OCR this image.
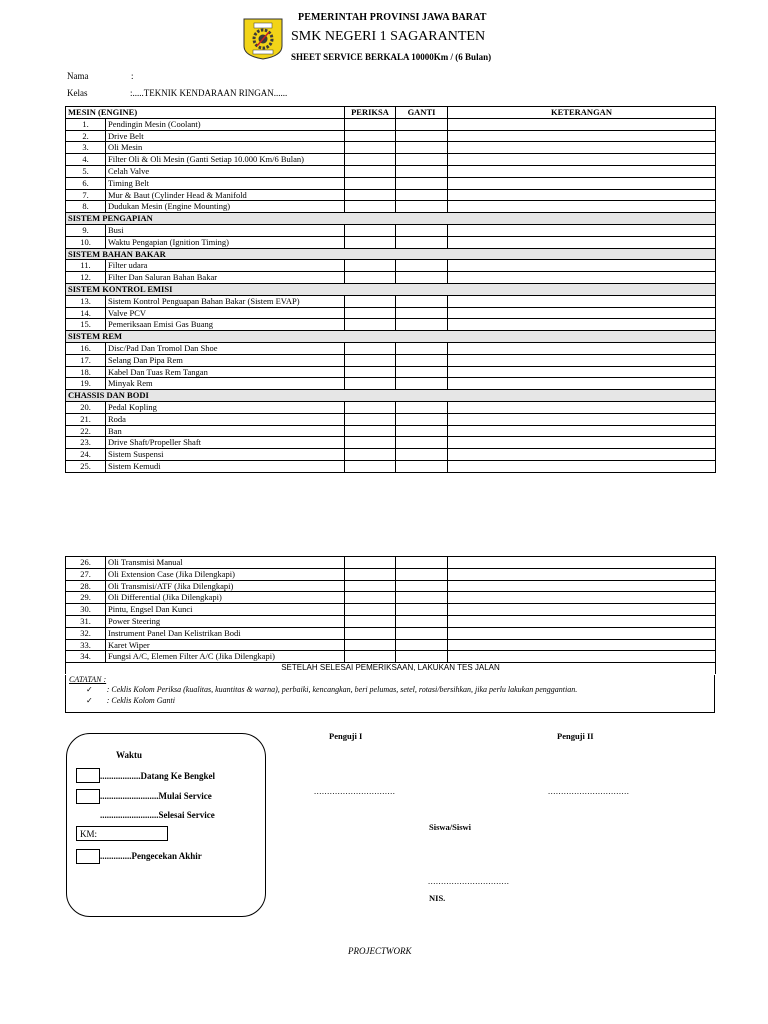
PEMERINTAH PROVINSI JAWA BARAT
SMK NEGERI 1 SAGARANTEN
SHEET SERVICE BERKALA 10000Km / (6 Bulan)
Nama	:
Kelas	:.....TEKNIK KENDARAAN RINGAN......
MESIN (ENGINE)		PERIKSA	GANTI	KETERANGAN
1.	Pendingin Mesin (Coolant)			
2.	Drive Belt			
3.	Oli Mesin			
4.	Filter Oli & Oli Mesin (Ganti Setiap 10.000 Km/6 Bulan)			
5.	Celah Valve			
6.	Timing Belt			
7.	Mur & Baut (Cylinder Head & Manifold			
8.	Dudukan Mesin (Engine Mounting)			
SISTEM PENGAPIAN				
9.	Busi			
10.	Waktu Pengapian (Ignition Timing)			
SISTEM BAHAN BAKAR				
11.	Filter udara			
12.	Filter Dan Saluran Bahan Bakar			
SISTEM KONTROL EMISI				
13.	Sistem Kontrol Penguapan Bahan Bakar (Sistem EVAP)			
14.	Valve PCV			
15.	Pemeriksaan Emisi Gas Buang			
SISTEM REM				
16.	Disc/Pad Dan Tromol Dan Shoe			
17.	Selang Dan Pipa Rem			
18.	Kabel Dan Tuas Rem Tangan			
19.	Minyak Rem			
CHASSIS DAN BODI				
20.	Pedal Kopling			
21.	Roda			
22.	Ban			
23.	Drive Shaft/Propeller Shaft			
24.	Sistem Suspensi			
25.	Sistem Kemudi			
26.	Oli Transmisi Manual			
27.	Oli Extension Case (Jika Dilengkapi)			
28.	Oli Transmisi/ATF (Jika Dilengkapi)			
29.	Oli Differential (Jika Dilengkapi)			
30.	Pintu, Engsel Dan Kunci			
31.	Power Steering			
32.	Instrument Panel Dan Kelistrikan Bodi			
33.	Karet Wiper			
34.	Fungsi A/C, Elemen Filter A/C (Jika Dilengkapi)			
SETELAH SELESAI PEMERIKSAAN, LAKUKAN TES JALAN				
CATATAN :
✓ : Ceklis Kolom Periksa (kualitas, kuantitas & warna), perbaiki, kencangkan, beri pelumas, setel, rotasi/bersihkan, jika perlu lakukan penggantian.
✓ : Ceklis Kolom Ganti
Waktu
..................Datang Ke Bengkel
..........................Mulai Service
..........................Selesai Service
KM:
..............Pengecekan Akhir
Penguji I	Penguji II
...............................	...............................
Siswa/Siswi
...............................
NIS.
PROJECTWORK
